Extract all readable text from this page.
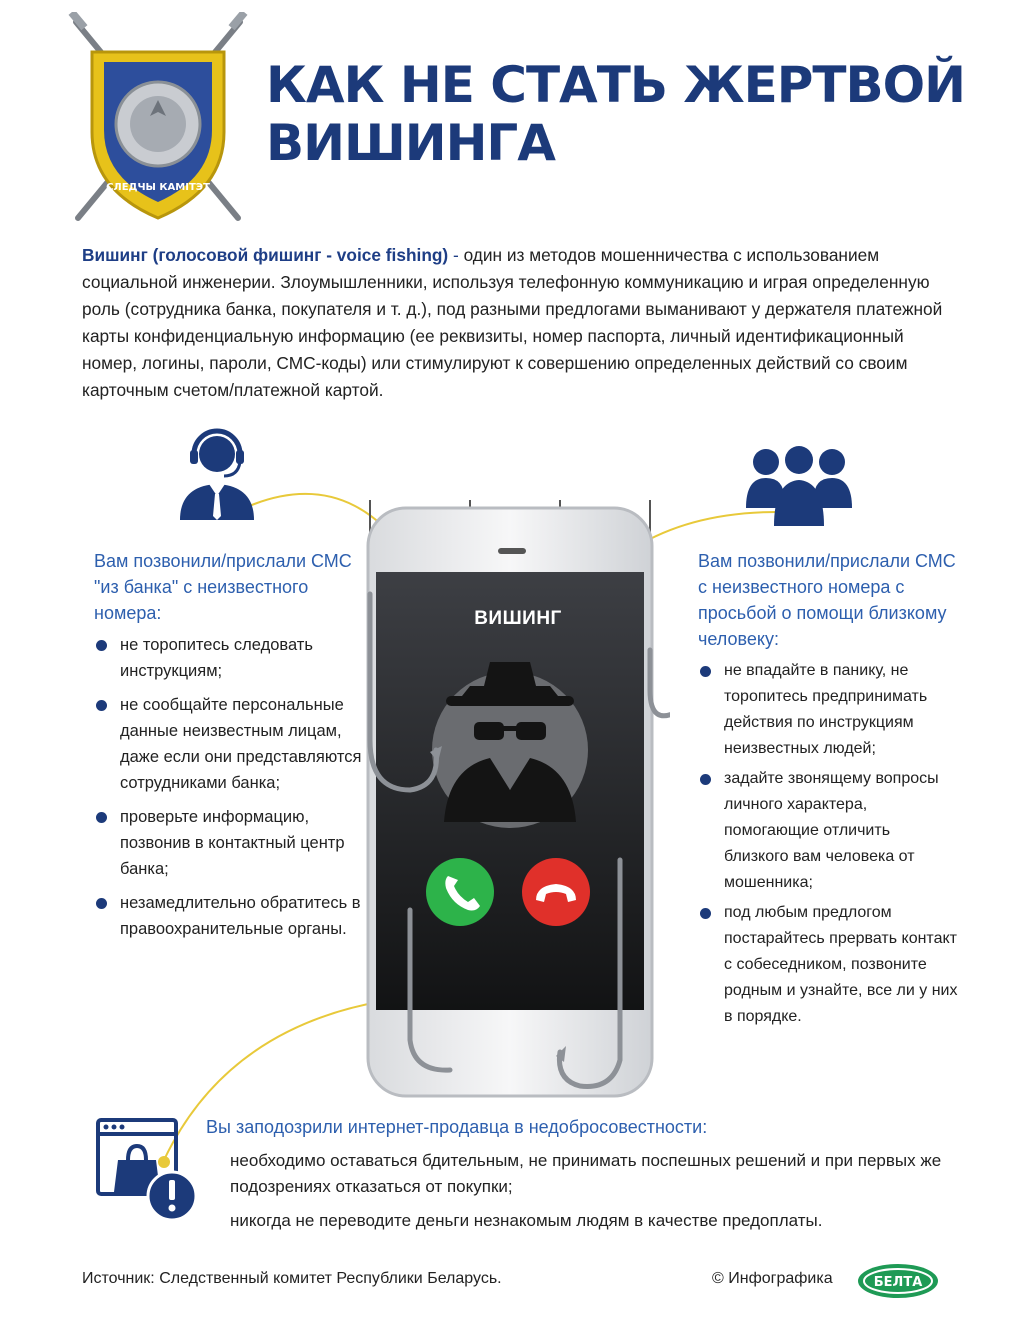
СЛЕДЧЫ КАМІТЭТ
КАК НЕ СТАТЬ ЖЕРТВОЙ
ВИШИНГА
Вишинг (голосовой фишинг - voice fishing) - один из методов мошенничества с использованием социальной инженерии. Злоумышленники, используя телефонную коммуникацию и играя определенную роль (сотрудника банка, покупателя и т. д.), под разными предлогами выманивают у держателя платежной карты конфиденциальную информацию (ее реквизиты, номер паспорта, личный идентификационный номер, логины, пароли, СМС-коды) или стимулируют к совершению определенных действий со своим карточным счетом/платежной картой.
Вам позвонили/прислали СМС "из банка" с неизвестного номера:
не торопитесь следовать инструкциям;
не сообщайте персональные данные неизвестным лицам, даже если они представляются сотрудниками банка;
проверьте информацию, позвонив в контактный центр банка;
незамедлительно обратитесь в правоохранительные органы.
ВИШИНГ
Вам позвонили/прислали СМС с неизвестного номера с просьбой о помощи близкому человеку:
не впадайте в панику, не торопитесь предпринимать действия по инструкциям неизвестных людей;
задайте звонящему вопросы личного характера, помогающие отличить близкого вам человека от мошенника;
под любым предлогом постарайтесь прервать контакт с собеседником, позвоните родным и узнайте, все ли у них в порядке.
Вы заподозрили интернет-продавца в недобросовестности:

необходимо оставаться бдительным, не принимать поспешных решений и при первых же подозрениях отказаться от покупки;

никогда не переводите деньги незнакомым людям в качестве предоплаты.

Источник: Следственный комитет Республики Беларусь.	© Инфографика	БЕЛТА
